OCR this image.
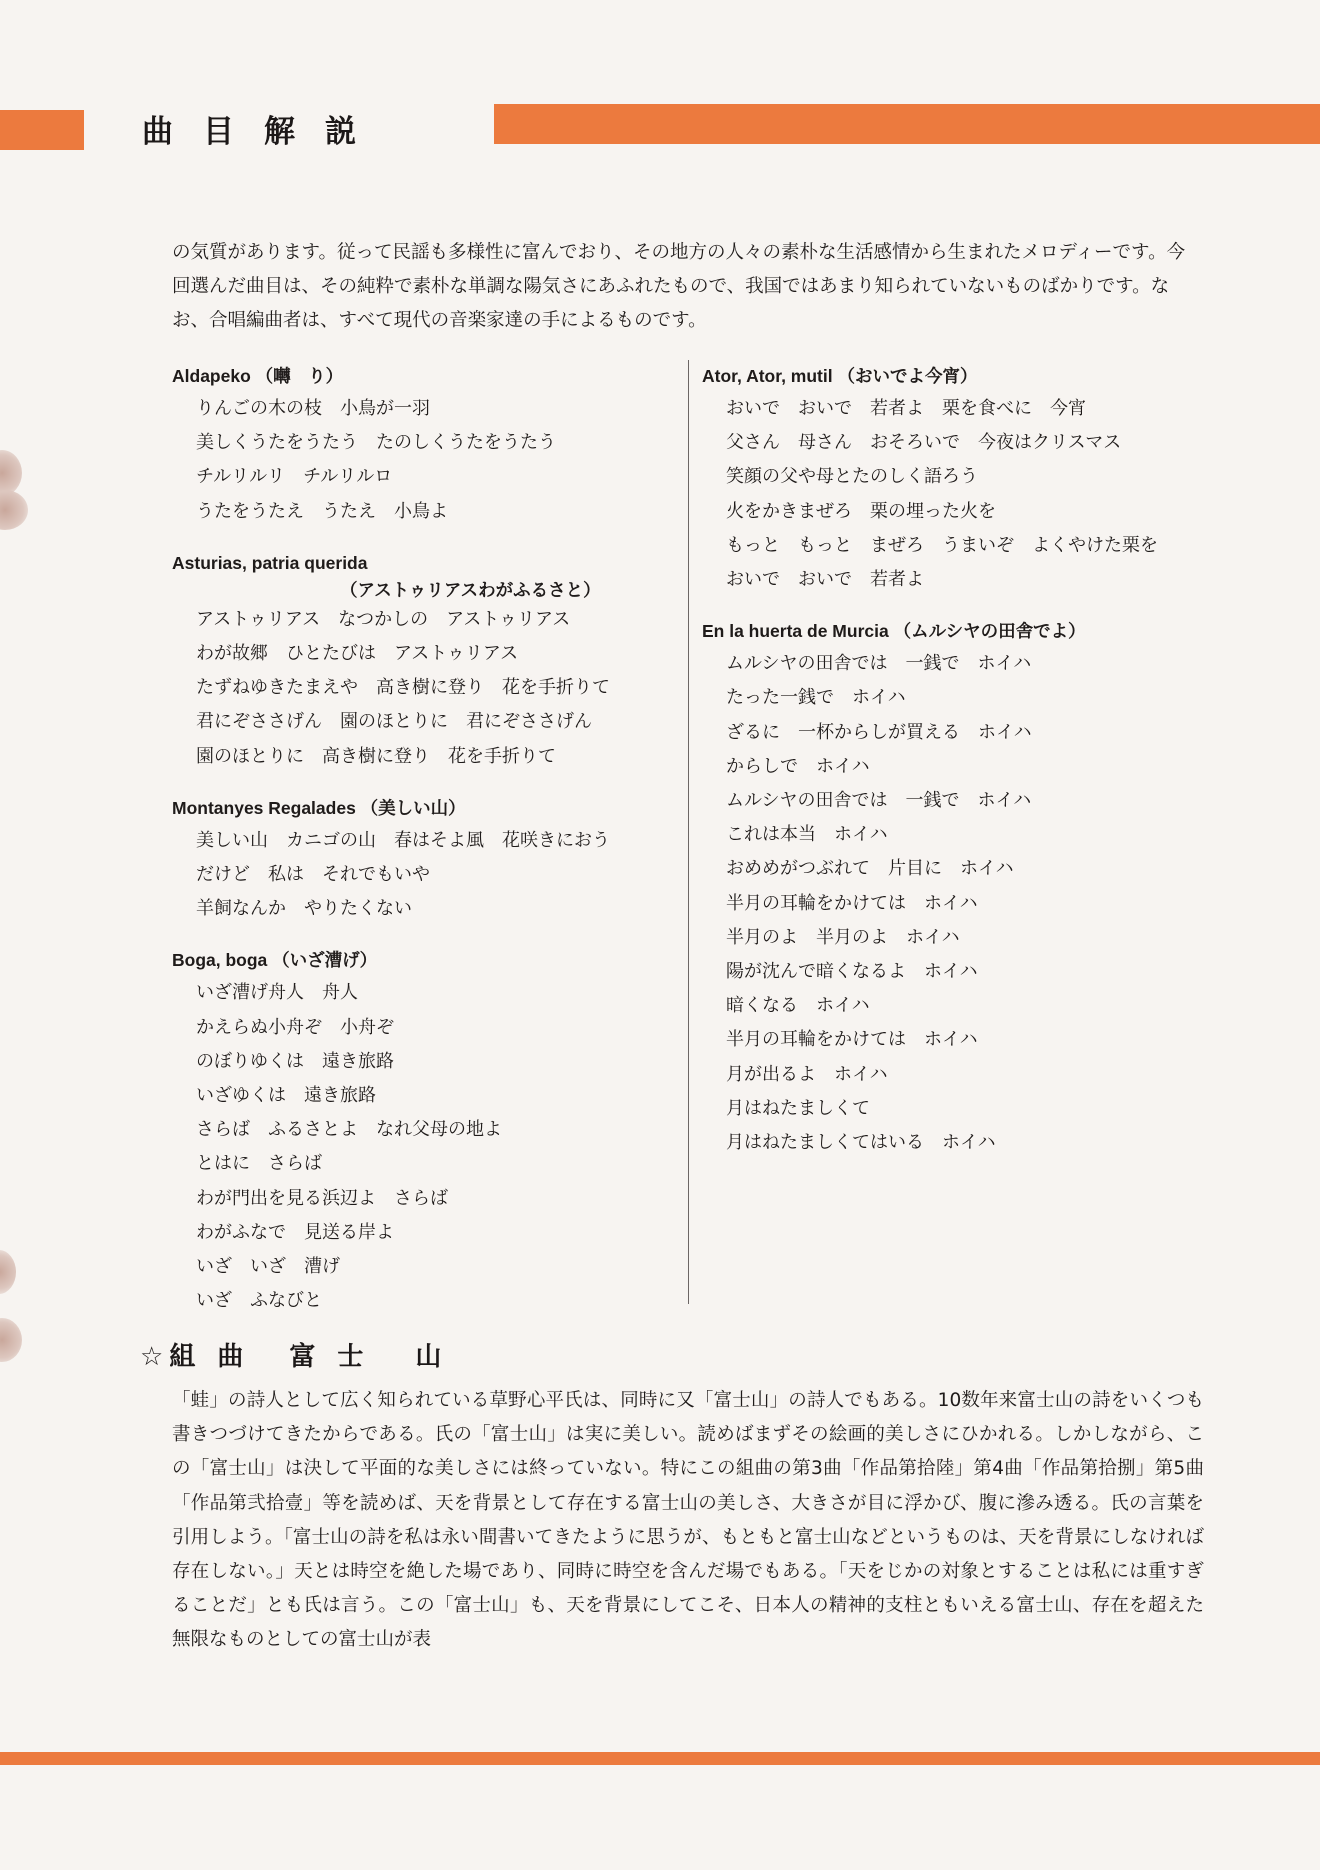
曲目解説

の気質があります。従って民謡も多様性に富んでおり、その地方の人々の素朴な生活感情から生まれたメロディーです。今回選んだ曲目は、その純粋で素朴な単調な陽気さにあふれたもので、我国ではあまり知られていないものばかりです。なお、合唱編曲者は、すべて現代の音楽家達の手によるものです。

Aldapeko （囀　り）
りんごの木の枝　小鳥が一羽
美しくうたをうたう　たのしくうたをうたう
チルリルリ　チルリルロ
うたをうたえ　うたえ　小鳥よ
Asturias, patria querida
（アストゥリアスわがふるさと）
アストゥリアス　なつかしの　アストゥリアス
わが故郷　ひとたびは　アストゥリアス
たずねゆきたまえや　高き樹に登り　花を手折りて
君にぞささげん　園のほとりに　君にぞささげん
園のほとりに　高き樹に登り　花を手折りて
Montanyes Regalades （美しい山）
美しい山　カニゴの山　春はそよ風　花咲きにおう
だけど　私は　それでもいや
羊飼なんか　やりたくない
Boga, boga （いざ漕げ）
いざ漕げ舟人　舟人
かえらぬ小舟ぞ　小舟ぞ
のぼりゆくは　遠き旅路
いざゆくは　遠き旅路
さらば　ふるさとよ　なれ父母の地よ
とはに　さらば
わが門出を見る浜辺よ　さらば
わがふなで　見送る岸よ
いざ　いざ　漕げ
いざ　ふなびと
Ator, Ator, mutil （おいでよ今宵）
おいで　おいで　若者よ　栗を食べに　今宵
父さん　母さん　おそろいで　今夜はクリスマス
笑顔の父や母とたのしく語ろう
火をかきまぜろ　栗の埋った火を
もっと　もっと　まぜろ　うまいぞ　よくやけた栗を
おいで　おいで　若者よ
En la huerta de Murcia （ムルシヤの田舎でよ）
ムルシヤの田舎では　一銭で　ホイハ
たった一銭で　ホイハ
ざるに　一杯からしが買える　ホイハ
からしで　ホイハ
ムルシヤの田舎では　一銭で　ホイハ
これは本当　ホイハ
おめめがつぶれて　片目に　ホイハ
半月の耳輪をかけては　ホイハ
半月のよ　半月のよ　ホイハ
陽が沈んで暗くなるよ　ホイハ
暗くなる　ホイハ
半月の耳輪をかけては　ホイハ
月が出るよ　ホイハ
月はねたましくて
月はねたましくてはいる　ホイハ
☆組曲 富士 山

「蛙」の詩人として広く知られている草野心平氏は、同時に又「富士山」の詩人でもある。10数年来富士山の詩をいくつも書きつづけてきたからである。氏の「富士山」は実に美しい。読めばまずその絵画的美しさにひかれる。しかしながら、この「富士山」は決して平面的な美しさには終っていない。特にこの組曲の第3曲「作品第拾陸」第4曲「作品第拾捌」第5曲「作品第弐拾壹」等を読めば、天を背景として存在する富士山の美しさ、大きさが目に浮かび、腹に滲み透る。氏の言葉を引用しよう。「富士山の詩を私は永い間書いてきたように思うが、もともと富士山などというものは、天を背景にしなければ存在しない。」天とは時空を絶した場であり、同時に時空を含んだ場でもある。「天をじかの対象とすることは私には重すぎることだ」とも氏は言う。この「富士山」も、天を背景にしてこそ、日本人の精神的支柱ともいえる富士山、存在を超えた無限なものとしての富士山が表
